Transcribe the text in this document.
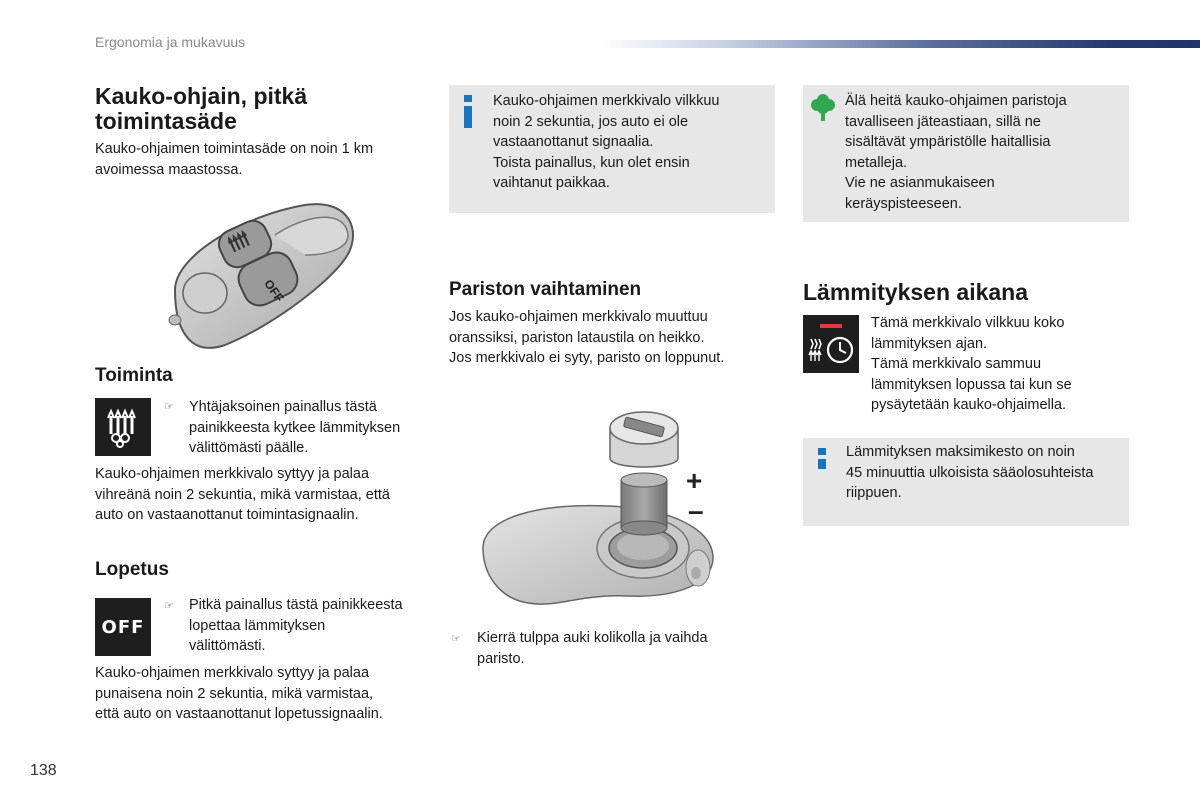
Ergonomia ja mukavuus
138
Kauko-ohjain, pitkä
toimintasäde
Kauko-ohjaimen toimintasäde on noin 1 km
avoimessa maastossa.
OFF
Toiminta
☞ Yhtäjaksoinen painallus tästä
painikkeesta kytkee lämmityksen
välittömästi päälle.
Kauko-ohjaimen merkkivalo syttyy ja palaa
vihreänä noin 2 sekuntia, mikä varmistaa, että
auto on vastaanottanut toimintasignaalin.
Lopetus
OFF
☞ Pitkä painallus tästä painikkeesta
lopettaa lämmityksen
välittömästi.
Kauko-ohjaimen merkkivalo syttyy ja palaa
punaisena noin 2 sekuntia, mikä varmistaa,
että auto on vastaanottanut lopetussignaalin.
Kauko-ohjaimen merkkivalo vilkkuu
noin 2 sekuntia, jos auto ei ole
vastaanottanut signaalia.
Toista painallus, kun olet ensin
vaihtanut paikkaa.
Pariston vaihtaminen
Jos kauko-ohjaimen merkkivalo muuttuu
oranssiksi, pariston lataustila on heikko.
Jos merkkivalo ei syty, paristo on loppunut.
+
–
☞ Kierrä tulppa auki kolikolla ja vaihda
paristo.
Älä heitä kauko-ohjaimen paristoja
tavalliseen jäteastiaan, sillä ne
sisältävät ympäristölle haitallisia
metalleja.
Vie ne asianmukaiseen
keräyspisteeseen.
Lämmityksen aikana
Tämä merkkivalo vilkkuu koko
lämmityksen ajan.
Tämä merkkivalo sammuu
lämmityksen lopussa tai kun se
pysäytetään kauko-ohjaimella.
Lämmityksen maksimikesto on noin
45 minuuttia ulkoisista sääolosuhteista
riippuen.
